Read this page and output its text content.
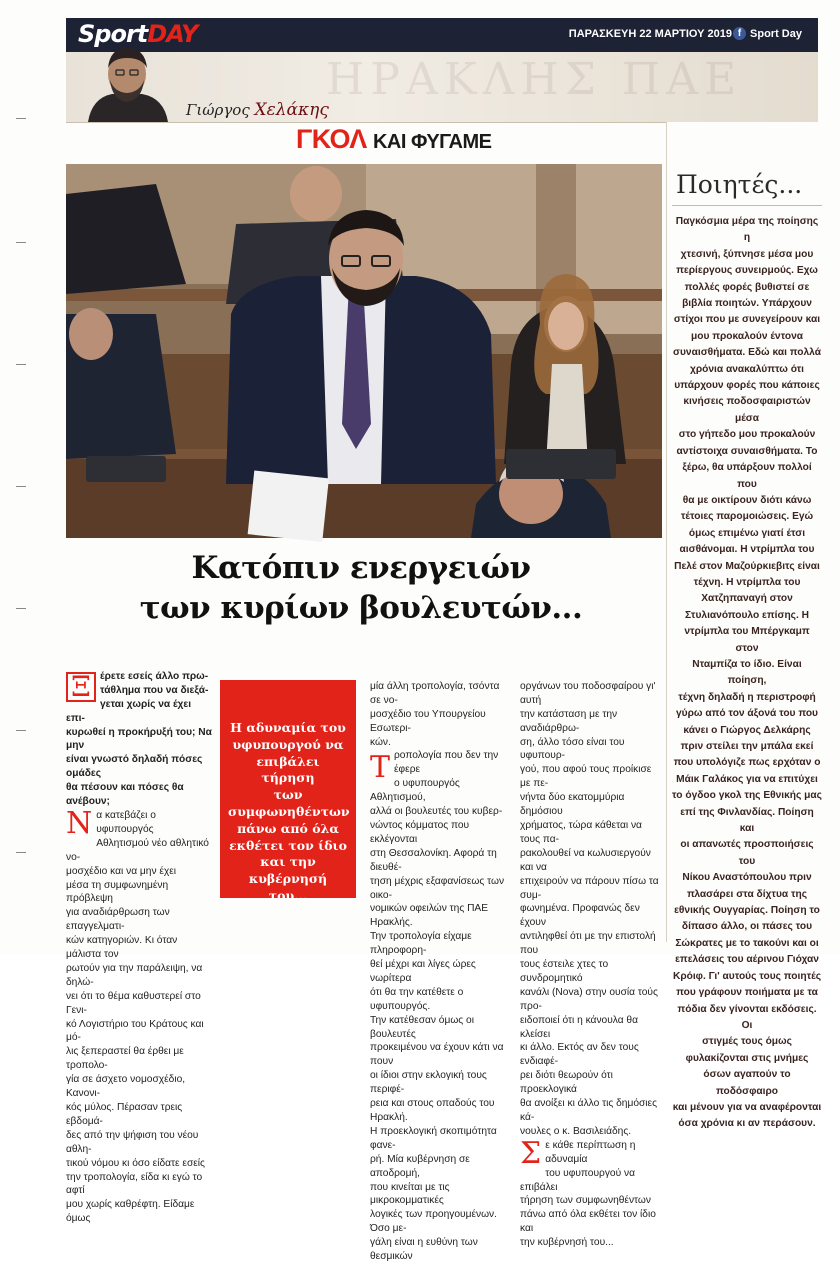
SportDAY	ΠΑΡΑΣΚΕΥΗ 22 ΜΑΡΤΙΟΥ 2019 f Sport Day
ΗΡΑΚΛΗΣ ΠΑΕ
Γιώργος Χελάκης
ΓΚΟΛ ΚΑΙ ΦΥΓΑΜΕ
Κατόπιν ενεργειών
των κυρίων βουλευτών...

Ξ έρετε εσείς άλλο πρω-
τάθλημα που να διεξά-
γεται χωρίς να έχει επι-
κυρωθεί η προκήρυξή του; Να μην
είναι γνωστό δηλαδή πόσες ομάδες
θα πέσουν και πόσες θα ανέβουν;

Ν α κατεβάζει ο υφυπουργός
Αθλητισμού νέο αθλητικό νο-
μοσχέδιο και να μην έχει
μέσα τη συμφωνημένη πρόβλεψη
για αναδιάρθρωση των επαγγελματι-
κών κατηγοριών. Κι όταν μάλιστα τον
ρωτούν για την παράλειψη, να δηλώ-
νει ότι το θέμα καθυστερεί στο Γενι-
κό Λογιστήριο του Κράτους και μό-
λις ξεπεραστεί θα έρθει με τροπολο-
γία σε άσχετο νομοσχέδιο, Κανονι-
κός μύλος. Πέρασαν τρεις εβδομά-
δες από την ψήφιση του νέου αθλη-
τικού νόμου κι όσο είδατε εσείς
την τροπολογία, είδα κι εγώ το αφτί
μου χωρίς καθρέφτη. Είδαμε όμως

Η αδυναμία του
υφυπουργού να
επιβάλει τήρηση
των
συμφωνηθέντων
πάνω από όλα
εκθέτει τον ίδιο
και την
κυβέρνησή του...

μία άλλη τροπολογία, τσόντα σε νο-
μοσχέδιο του Υπουργείου Εσωτερι-
κών.

Τ ροπολογία που δεν την έφερε
ο υφυπουργός Αθλητισμού,
αλλά οι βουλευτές του κυβερ-
νώντος κόμματος που εκλέγονται
στη Θεσσαλονίκη. Αφορά τη διευθέ-
τηση μέχρις εξαφανίσεως των οικο-
νομικών οφειλών της ΠΑΕ Ηρακλής.
Την τροπολογία είχαμε πληροφορη-
θεί μέχρι και λίγες ώρες νωρίτερα
ότι θα την κατέθετε ο υφυπουργός.
Την κατέθεσαν όμως οι βουλευτές
προκειμένου να έχουν κάτι να πουν
οι ίδιοι στην εκλογική τους περιφέ-
ρεια και στους οπαδούς του Ηρακλή.
Η προεκλογική σκοπιμότητα φανε-
ρή. Μία κυβέρνηση σε αποδρομή,
που κινείται με τις μικροκομματικές
λογικές των προηγουμένων. Όσο με-
γάλη είναι η ευθύνη των θεσμικών

οργάνων του ποδοσφαίρου γι' αυτή
την κατάσταση με την αναδιάρθρω-
ση, άλλο τόσο είναι του υφυπουρ-
γού, που αφού τους προίκισε με πε-
νήντα δύο εκατομμύρια δημόσιου
χρήματος, τώρα κάθεται να τους πα-
ρακολουθεί να κωλυσιεργούν και να
επιχειρούν να πάρουν πίσω τα συμ-
φωνημένα. Προφανώς δεν έχουν
αντιληφθεί ότι με την επιστολή που
τους έστειλε χτες το συνδρομητικό
κανάλι (Nova) στην ουσία τούς προ-
ειδοποιεί ότι η κάνουλα θα κλείσει
κι άλλο. Εκτός αν δεν τους ενδιαφέ-
ρει διότι θεωρούν ότι προεκλογικά
θα ανοίξει κι άλλο τις δημόσιες κά-
νουλες ο κ. Βασιλειάδης.

Σ ε κάθε περίπτωση η αδυναμία
του υφυπουργού να επιβάλει
τήρηση των συμφωνηθέντων
πάνω από όλα εκθέτει τον ίδιο και
την κυβέρνησή του...

Ποιητές...
Παγκόσμια μέρα της ποίησης η
χτεσινή, ξύπνησε μέσα μου
περίεργους συνειρμούς. Εχω
πολλές φορές βυθιστεί σε
βιβλία ποιητών. Υπάρχουν
στίχοι που με συνεγείρουν και
μου προκαλούν έντονα
συναισθήματα. Εδώ και πολλά
χρόνια ανακαλύπτω ότι
υπάρχουν φορές που κάποιες
κινήσεις ποδοσφαιριστών μέσα
στο γήπεδο μου προκαλούν
αντίστοιχα συναισθήματα. Το
ξέρω, θα υπάρξουν πολλοί που
θα με οικτίρουν διότι κάνω
τέτοιες παρομοιώσεις. Εγώ
όμως επιμένω γιατί έτσι
αισθάνομαι. Η ντρίμπλα του
Πελέ στον Μαζούρκιεβιτς είναι
τέχνη. Η ντρίμπλα του
Χατζηπαναγή στον
Στυλιανόπουλο επίσης. Η
ντρίμπλα του Μπέργκαμπ στον
Νταμπίζα το ίδιο. Είναι ποίηση,
τέχνη δηλαδή η περιστροφή
γύρω από τον άξονά του που
κάνει ο Γιώργος Δελκάρης
πριν στείλει την μπάλα εκεί
που υπολόγιζε πως ερχόταν ο
Μάικ Γαλάκος για να επιτύχει
το όγδοο γκολ της Εθνικής μας
επί της Φινλανδίας. Ποίηση και
οι απανωτές προσποιήσεις του
Νίκου Αναστόπουλου πριν
πλασάρει στα δίχτυα της
εθνικής Ουγγαρίας. Ποίηση το
δίπασο άλλο, οι πάσες του
Σώκρατες με το τακούνι και οι
επελάσεις του αέρινου Γιόχαν
Κρόιφ. Γι' αυτούς τους ποιητές
που γράφουν ποιήματα με τα
πόδια δεν γίνονται εκδόσεις. Οι
στιγμές τους όμως
φυλακίζονται στις μνήμες
όσων αγαπούν το ποδόσφαιρο
και μένουν για να αναφέρονται
όσα χρόνια κι αν περάσουν.
